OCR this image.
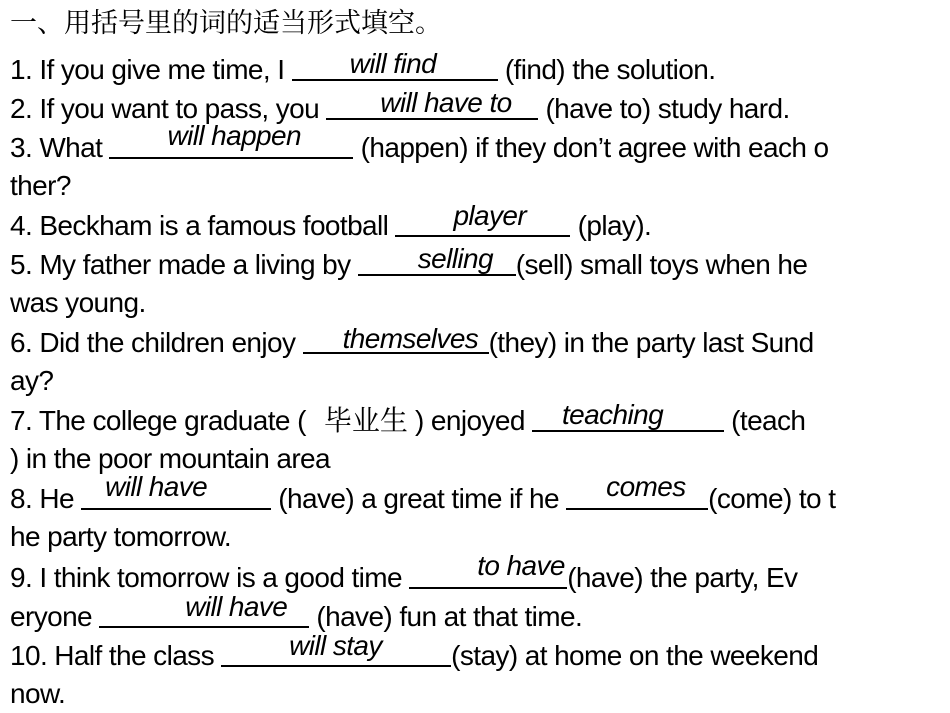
一、用括号里的词的适当形式填空。
1. If you give me time, I will find (find) the solution.
2. If you want to pass, you will have to (have to) study hard.
3. What will happen (happen) if they don’t agree with each o
ther?
4. Beckham is a famous football player (play).
5. My father made a living by selling (sell) small toys when he
was young.
6. Did the children enjoy themselves (they) in the party last Sund
ay?
7. The college graduate ( 毕业生 ) enjoyed teaching (teach
) in the poor mountain area
8. He will have (have) a great time if he comes (come) to t
he party tomorrow.
9. I think tomorrow is a good time to have (have) the party, Ev
eryone	will have (have) fun at that time.
10. Half the class will stay (stay) at home on the weekend
now.
